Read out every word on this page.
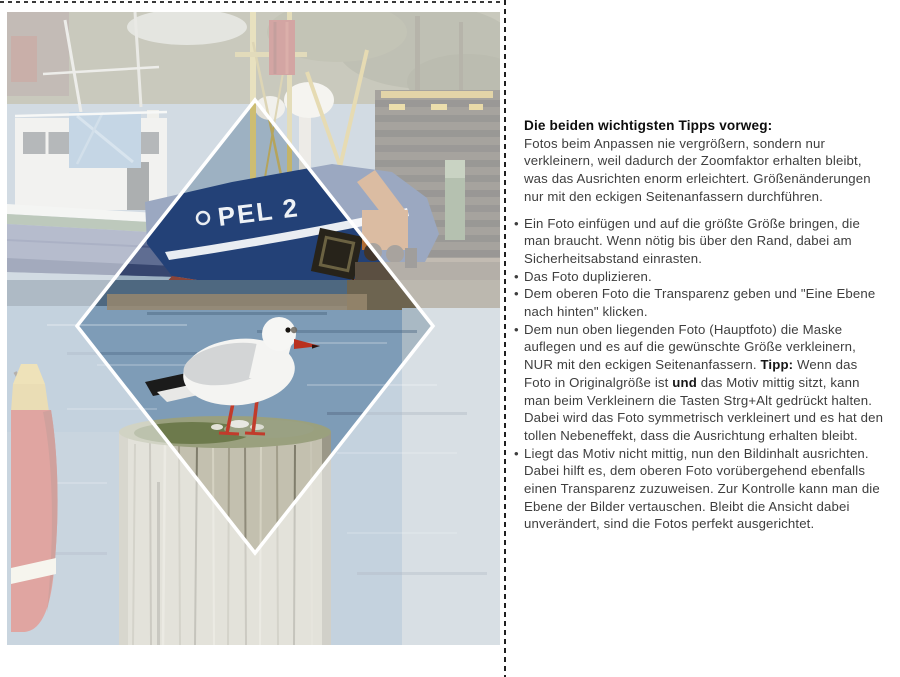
Die beiden wichtigsten Tipps vorweg:

Fotos beim Anpassen nie vergrößern, sondern nur verkleinern, weil dadurch der Zoomfaktor erhalten bleibt, was das Ausrichten enorm erleichtert. Größenänderungen nur mit den eckigen Seitenanfassern durchführen.

• Ein Foto einfügen und auf die größte Größe bringen, die man braucht. Wenn nötig bis über den Rand, dabei am Sicherheitsabstand einrasten.
• Das Foto duplizieren.
• Dem oberen Foto die Transparenz geben und "Eine Ebene nach hinten" klicken.
• Dem nun oben liegenden Foto (Hauptfoto) die Maske auflegen und es auf die gewünschte Größe verkleinern, NUR mit den eckigen Seitenanfassern. Tipp: Wenn das Foto in Originalgröße ist und das Motiv mittig sitzt, kann man beim Verkleinern die Tasten Strg+Alt gedrückt halten. Dabei wird das Foto symmetrisch verkleinert und es hat den tollen Nebeneffekt, dass die Ausrichtung erhalten bleibt.
• Liegt das Motiv nicht mittig, nun den Bildinhalt ausrichten. Dabei hilft es, dem oberen Foto vorübergehend ebenfalls einen Transparenz zuzuweisen. Zur Kontrolle kann man die Ebene der Bilder vertauschen. Bleibt die Ansicht dabei unverändert, sind die Fotos perfekt ausgerichtet.
